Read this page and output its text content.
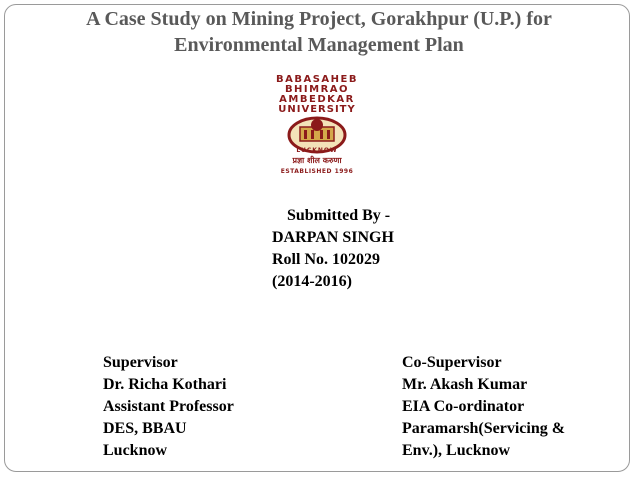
A Case Study on Mining Project, Gorakhpur (U.P.) for
Environmental Management Plan
BABASAHEB
BHIMRAO
AMBEDKAR
UNIVERSITY
LUCKNOW
प्रज्ञा शील करुणा
ESTABLISHED 1996
Submitted By -
DARPAN SINGH
Roll No. 102029
(2014-2016)
Supervisor
Dr. Richa Kothari
Assistant Professor
DES, BBAU
Lucknow
Co-Supervisor
Mr. Akash Kumar
EIA Co-ordinator
Paramarsh(Servicing &
Env.), Lucknow
